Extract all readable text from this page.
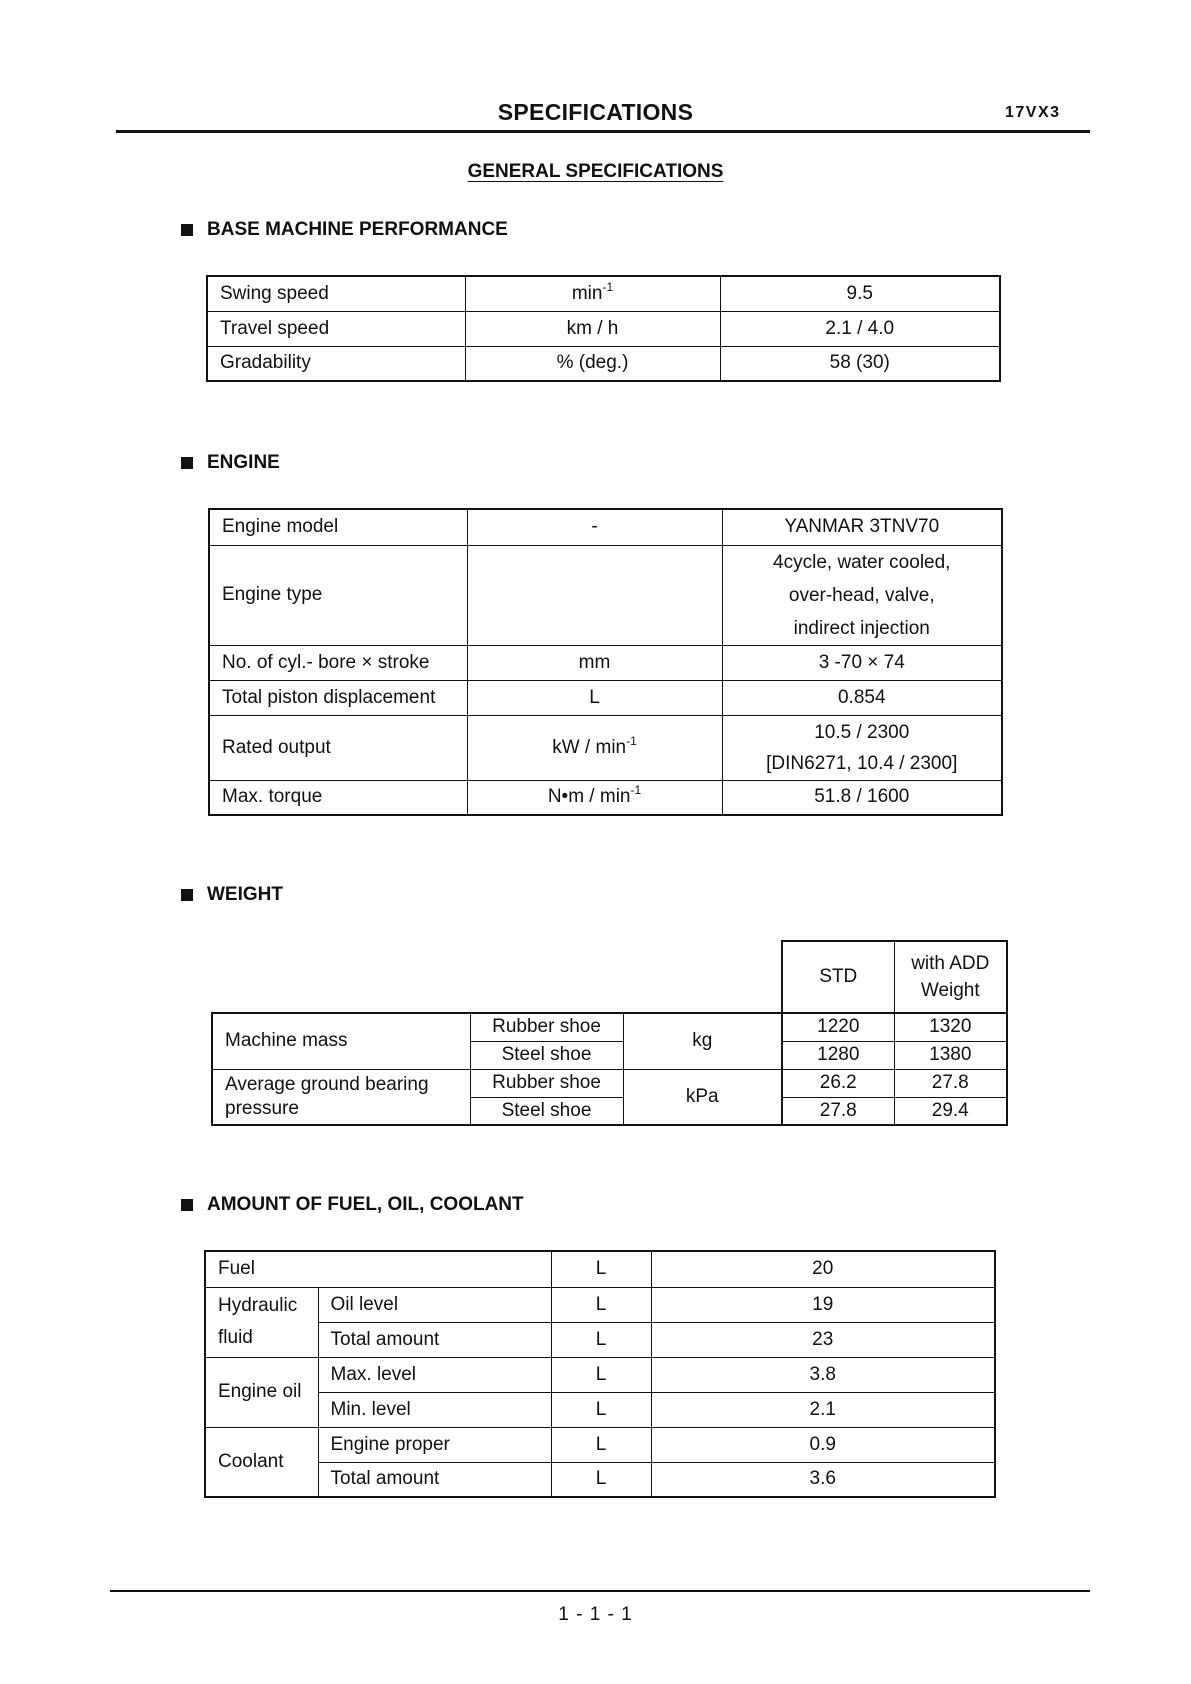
SPECIFICATIONS	17VX3
GENERAL SPECIFICATIONS
BASE MACHINE PERFORMANCE
Swing speed	$\min^{-1}$	9.5
Travel speed	km / h	2.1 / 4.0
Gradability	% (deg.)	58 (30)
ENGINE
Engine model	-	YANMAR 3TNV70
Engine type		4cycle, water cooled,
over-head, valve,
indirect injection

No. of cyl.- bore × stroke	mm	3 -70 × 74
Total piston displacement	L	0.854
Rated output	kW / $\min^{-1}$	10.5 / 2300
[DIN6271, 10.4 / 2300]

Max. torque	N•m / $\min^{-1}$	51.8 / 1600
WEIGHT
			STD	with ADD
Weight

Machine mass	Rubber shoe	kg	1220	1320
	Steel shoe		1280	1380

Average ground bearing
pressure	Rubber shoe	kPa	26.2	27.8
	Steel shoe		27.8	29.4
AMOUNT OF FUEL, OIL, COOLANT
Fuel		L	20

Hydraulic
fluid	Oil level	L	19
	Total amount	L	23
Engine oil	Max. level	L	3.8
	Min. level	L	2.1
Coolant	Engine proper	L	0.9
	Total amount	L	3.6
1 - 1 - 1
